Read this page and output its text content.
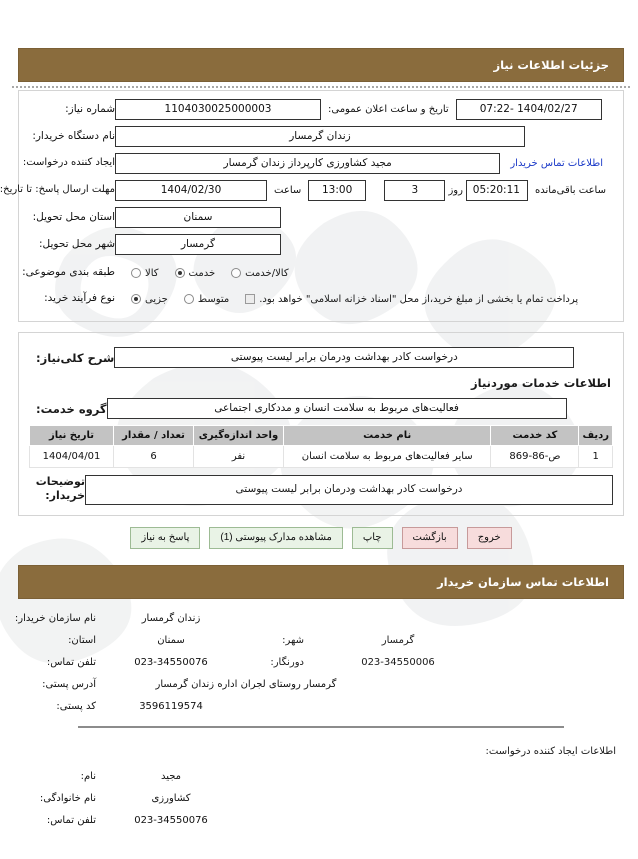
جزئیات اطلاعات نیاز
شماره نیاز:	1104030025000003	تاریخ و ساعت اعلان عمومی:	1404/02/27 -07:22
نام دستگاه خریدار:	زندان گرمسار
ایجاد کننده درخواست:	مجید کشاورزی کارپرداز زندان گرمسار	اطلاعات تماس خریدار
مهلت ارسال پاسخ: تا تاریخ:	1404/02/30	ساعت	13:00	3	روز 05:20:11	ساعت باقی‌مانده
استان محل تحویل:	سمنان
شهر محل تحویل:	گرمسار
طبقه بندی موضوعی:	کالا	خدمت	کالا/خدمت
نوع فرآیند خرید:	جزیی	متوسط	پرداخت تمام یا بخشی از مبلغ خرید،از محل "اسناد خزانه اسلامی" خواهد بود.
شرح کلی‌نیاز:	درخواست کادر بهداشت ودرمان برابر لیست پیوستی
اطلاعات خدمات موردنیاز
گروه خدمت:	فعالیت‌های مربوط به سلامت انسان و مددکاری اجتماعی
ردیف	کد خدمت	نام خدمت	واحد اندازه‌گیری	تعداد / مقدار	تاریخ نیاز
1	ص-86-869	سایر فعالیت‌های مربوط به سلامت انسان	نفر	6	1404/04/01
توضیحات خریدار:
درخواست کادر بهداشت ودرمان برابر لیست پیوستی
پاسخ به نیاز	مشاهده مدارک پیوستی (1)	چاپ	بازگشت	خروج
اطلاعات تماس سازمان خریدار
نام سازمان خریدار:	زندان گرمسار
استان:	سمنان	شهر:	گرمسار
تلفن تماس:	023-34550076	دورنگار:	023-34550006
آدرس پستی:	گرمسار روستای لجران اداره زندان گرمسار
کد پستی:	3596119574
اطلاعات ایجاد کننده درخواست:
نام:	مجید
نام خانوادگی:	کشاورزی
تلفن تماس:	023-34550076
